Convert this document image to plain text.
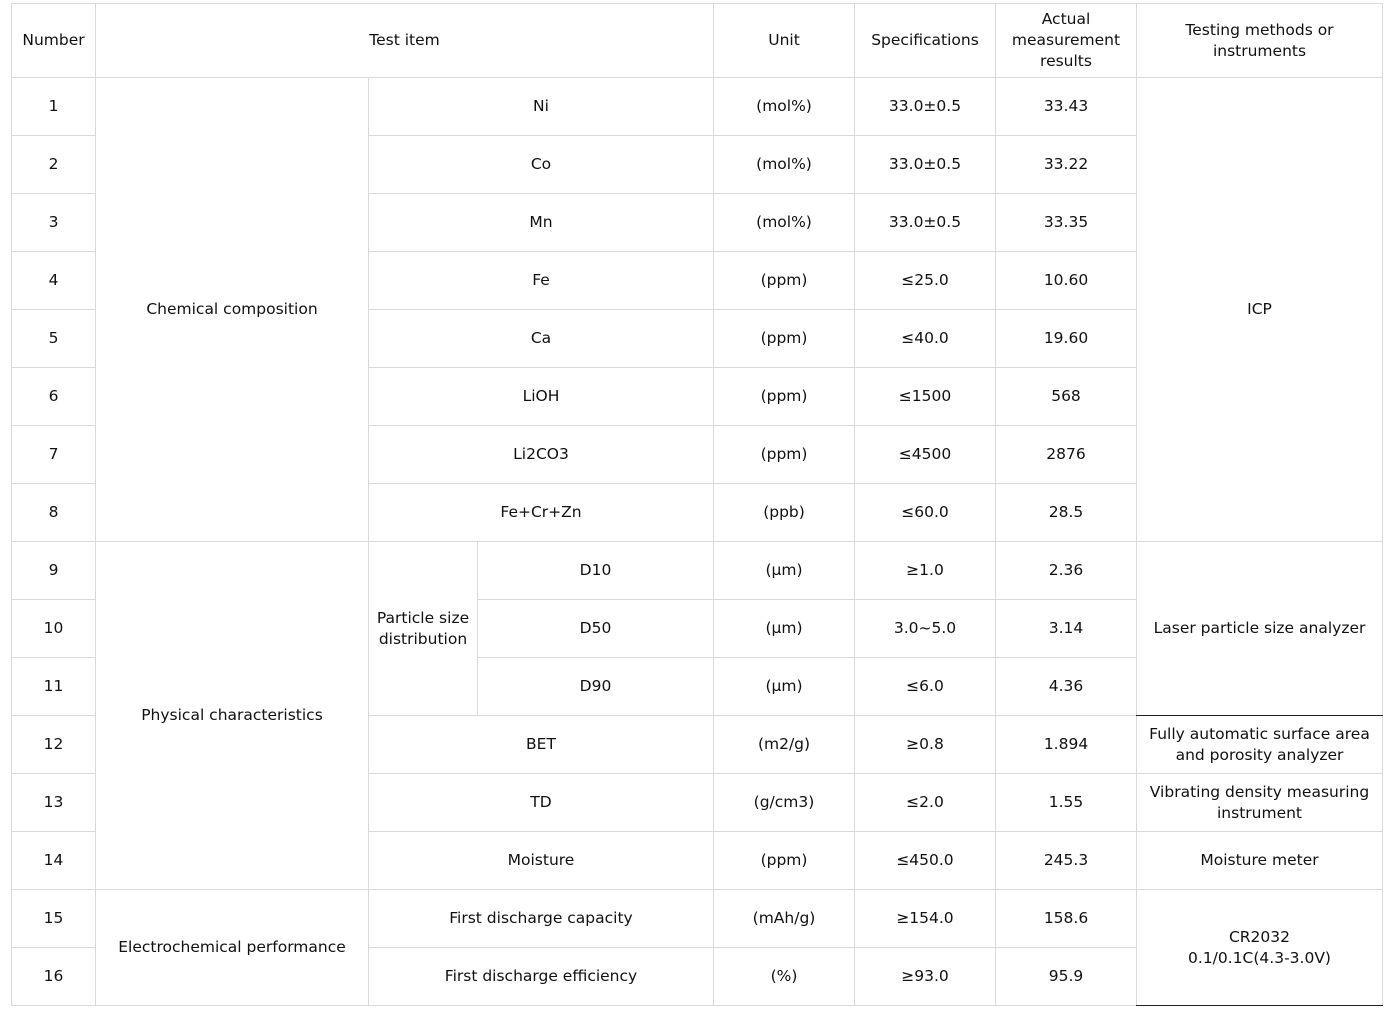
Number	Test item			Unit	Specifications	Actual measurement results	Testing methods or instruments
1	Chemical composition	Ni		(mol%)	33.0±0.5	33.43	ICP
2		Co		(mol%)	33.0±0.5	33.22	
3		Mn		(mol%)	33.0±0.5	33.35	
4		Fe		(ppm)	≤25.0	10.60	
5		Ca		(ppm)	≤40.0	19.60	
6		LiOH		(ppm)	≤1500	568	
7		Li2CO3		(ppm)	≤4500	2876	
8		Fe+Cr+Zn		(ppb)	≤60.0	28.5	
9	Physical characteristics	Particle size distribution	D10	(μm)	≥1.0	2.36	Laser particle size analyzer
10			D50	(μm)	3.0~5.0	3.14	
11			D90	(μm)	≤6.0	4.36	
12		BET		(m2/g)	≥0.8	1.894	Fully automatic surface area and porosity analyzer
13		TD		(g/cm3)	≤2.0	1.55	Vibrating density measuring instrument
14		Moisture		(ppm)	≤450.0	245.3	Moisture meter
15	Electrochemical performance	First discharge capacity		(mAh/g)	≥154.0	158.6	CR2032
0.1/0.1C(4.3-3.0V)

16		First discharge efficiency		(%)	≥93.0	95.9	
